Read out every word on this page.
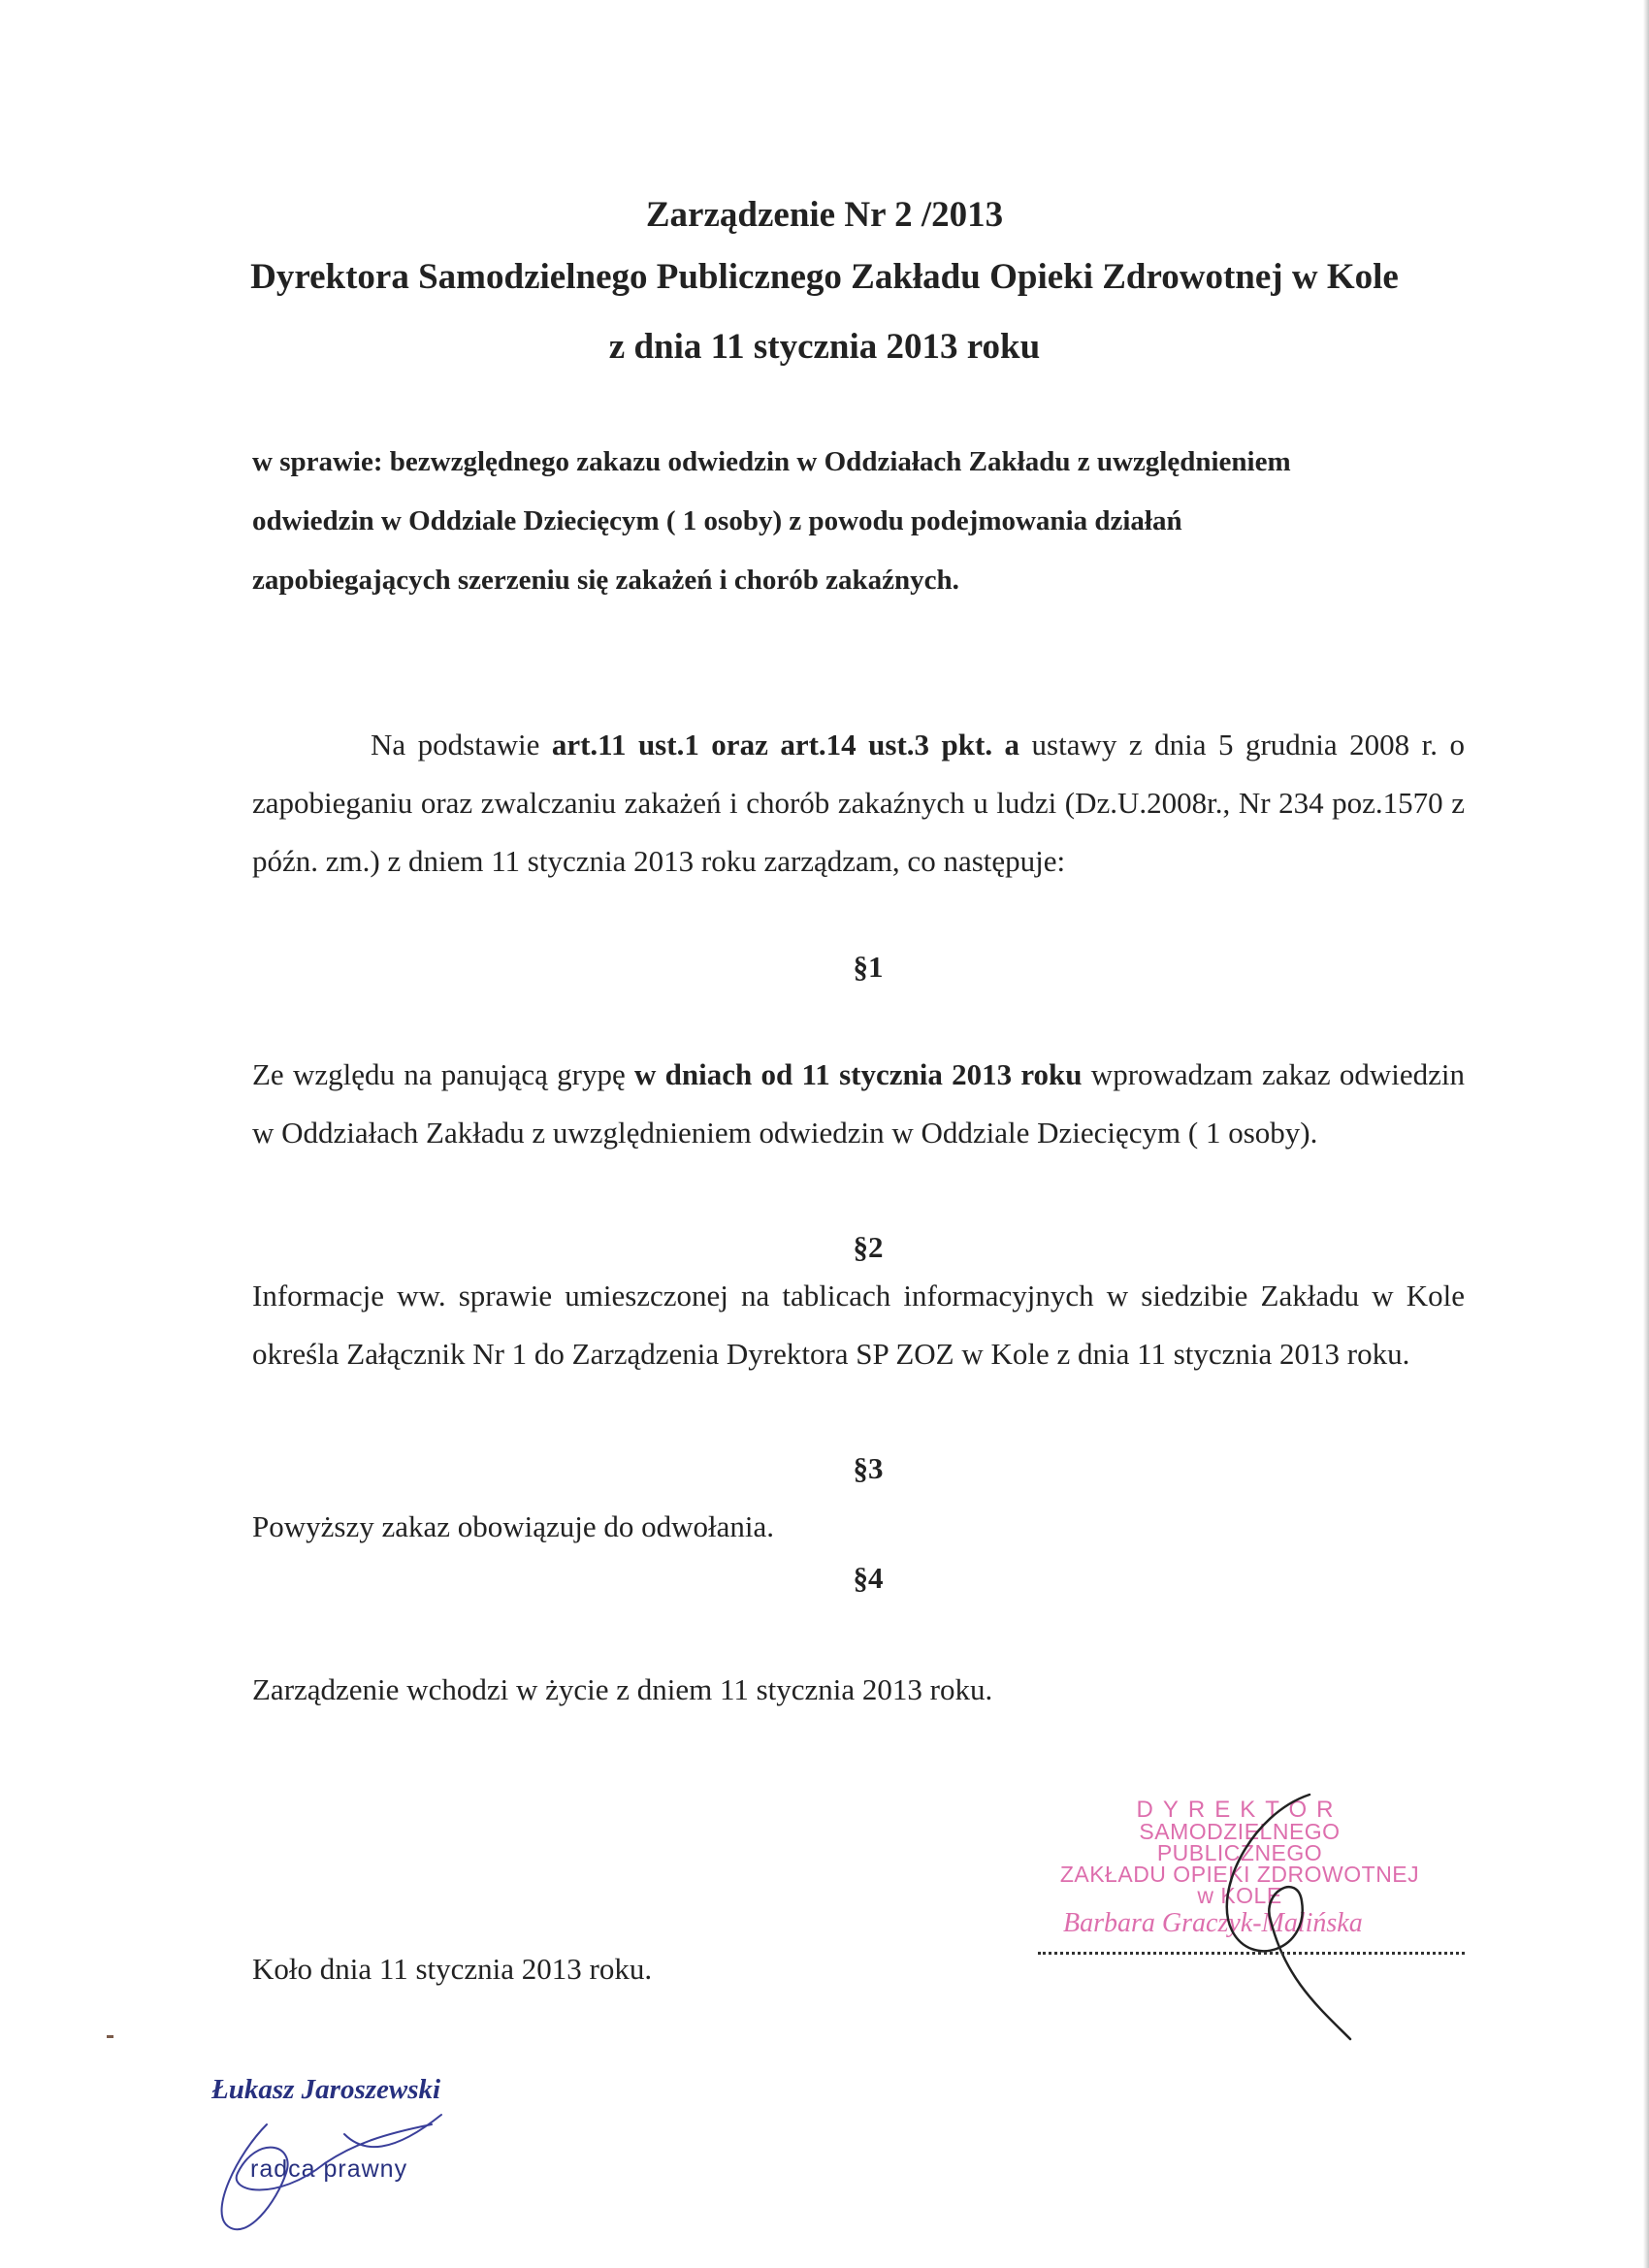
Zarządzenie Nr 2 /2013
Dyrektora Samodzielnego Publicznego Zakładu Opieki Zdrowotnej w Kole
z dnia 11 stycznia 2013 roku
w sprawie: bezwzględnego zakazu odwiedzin w Oddziałach Zakładu z uwzględnieniem
odwiedzin w Oddziale Dziecięcym ( 1 osoby) z powodu podejmowania działań
zapobiegających szerzeniu się zakażeń i chorób zakaźnych.
Na podstawie art.11 ust.1 oraz art.14 ust.3 pkt. a ustawy z dnia 5 grudnia 2008 r. o zapobieganiu oraz zwalczaniu zakażeń i chorób zakaźnych u ludzi (Dz.U.2008r., Nr 234 poz.1570 z późn. zm.) z dniem 11 stycznia 2013 roku zarządzam, co następuje:
§1
Ze względu na panującą grypę w dniach od 11 stycznia 2013 roku wprowadzam zakaz odwiedzin w Oddziałach Zakładu z uwzględnieniem odwiedzin w Oddziale Dziecięcym ( 1 osoby).
§2
Informacje ww. sprawie umieszczonej na tablicach informacyjnych w siedzibie Zakładu w Kole określa Załącznik Nr 1 do Zarządzenia Dyrektora SP ZOZ w Kole z dnia 11 stycznia 2013 roku.
§3
Powyższy zakaz obowiązuje do odwołania.
§4
Zarządzenie wchodzi w życie z dniem 11 stycznia 2013 roku.
DYREKTOR
SAMODZIELNEGO PUBLICZNEGO
ZAKŁADU OPIEKI ZDROWOTNEJ
w KOLE
Barbara Graczyk-Malińska
Koło dnia 11 stycznia 2013 roku.
Łukasz Jaroszewski
radca prawny
